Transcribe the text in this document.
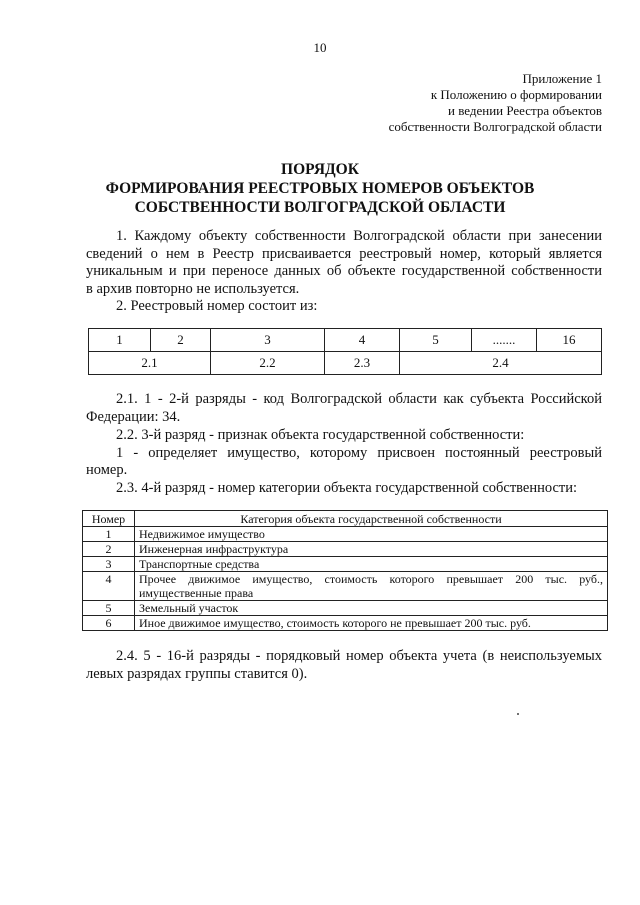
10
Приложение 1
к Положению о формировании
и ведении Реестра объектов
собственности Волгоградской области
ПОРЯДОК
ФОРМИРОВАНИЯ РЕЕСТРОВЫХ НОМЕРОВ ОБЪЕКТОВ
СОБСТВЕННОСТИ ВОЛГОГРАДСКОЙ ОБЛАСТИ
1. Каждому объекту собственности Волгоградской области при занесении
сведений о нем в Реестр присваивается реестровый номер, который является
уникальным и при переносе данных об объекте государственной собственности
в архив повторно не используется.
2. Реестровый номер состоит из:
1	2	3	4	5	.......	16
2.1		2.2	2.3	2.4		
2.1. 1 - 2-й разряды - код Волгоградской области как субъекта Российской
Федерации: 34.
2.2. 3-й разряд - признак объекта государственной собственности:
1 - определяет имущество, которому присвоен постоянный реестровый
номер.
2.3. 4-й разряд - номер категории объекта государственной собственности:
Номер	Категория объекта государственной собственности
1	Недвижимое имущество
2	Инженерная инфраструктура
3	Транспортные средства
4	Прочее движимое имущество, стоимость которого превышает 200 тыс. руб., имущественные права
5	Земельный участок
6	Иное движимое имущество, стоимость которого не превышает 200 тыс. руб.
2.4. 5 - 16-й разряды - порядковый номер объекта учета (в неиспользуемых
левых разрядах группы ставится 0).
